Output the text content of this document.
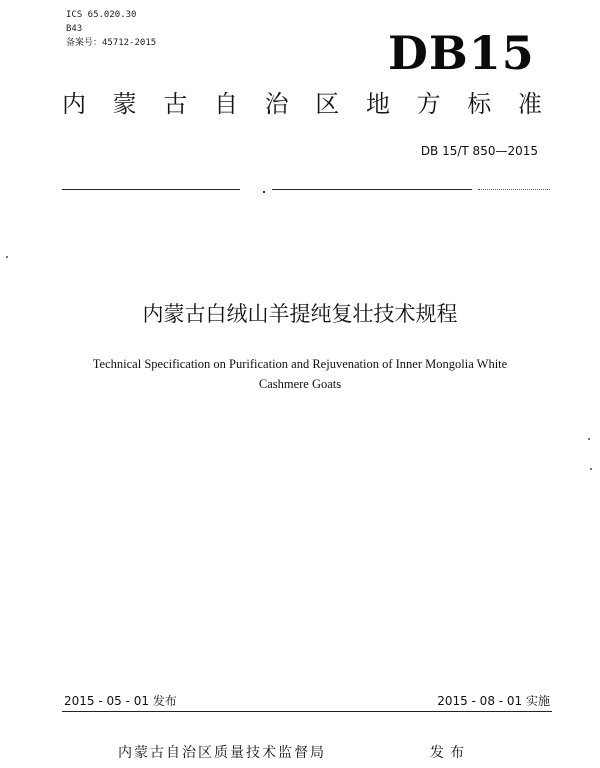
ICS 65.020.30
B43
备案号：45712-2015	DB15
内 蒙 古 自 治 区 地 方 标 准
DB 15/T 850—2015
内蒙古白绒山羊提纯复壮技术规程
Technical Specification on Purification and Rejuvenation of Inner Mongolia White
Cashmere Goats
2015 - 05 - 01 发布	2015 - 08 - 01 实施
内蒙古自治区质量技术监督局	发布
